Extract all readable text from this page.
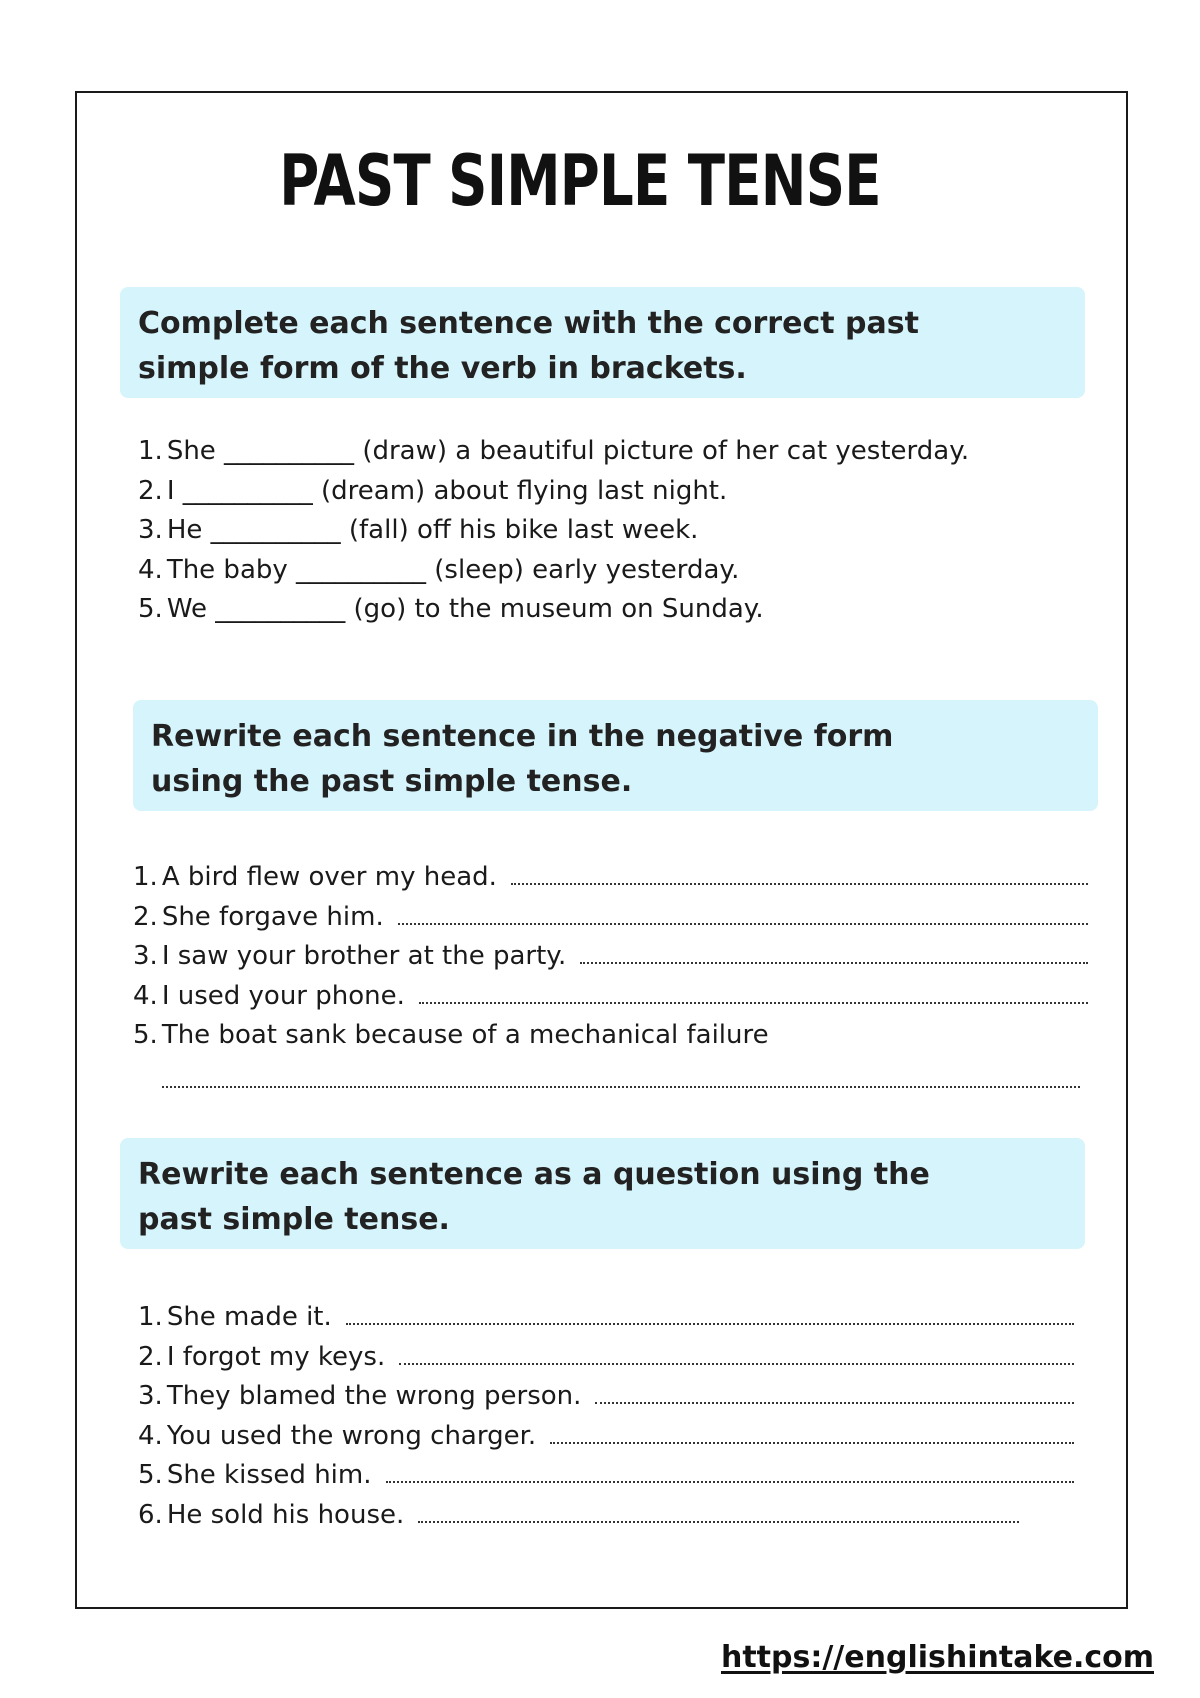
PAST SIMPLE TENSE
Complete each sentence with the correct past
simple form of the verb in brackets.
1. She __________ (draw) a beautiful picture of her cat yesterday.
2. I __________ (dream) about flying last night.
3. He __________ (fall) off his bike last week.
4. The baby __________ (sleep) early yesterday.
5. We __________ (go) to the museum on Sunday.
Rewrite each sentence in the negative form
using the past simple tense.
1. A bird flew over my head.
2. She forgave him.
3. I saw your brother at the party.
4. I used your phone.
5. The boat sank because of a mechanical failure
Rewrite each sentence as a question using the
past simple tense.
1. She made it.
2. I forgot my keys.
3. They blamed the wrong person.
4. You used the wrong charger.
5. She kissed him.
6. He sold his house.
https://englishintake.com
